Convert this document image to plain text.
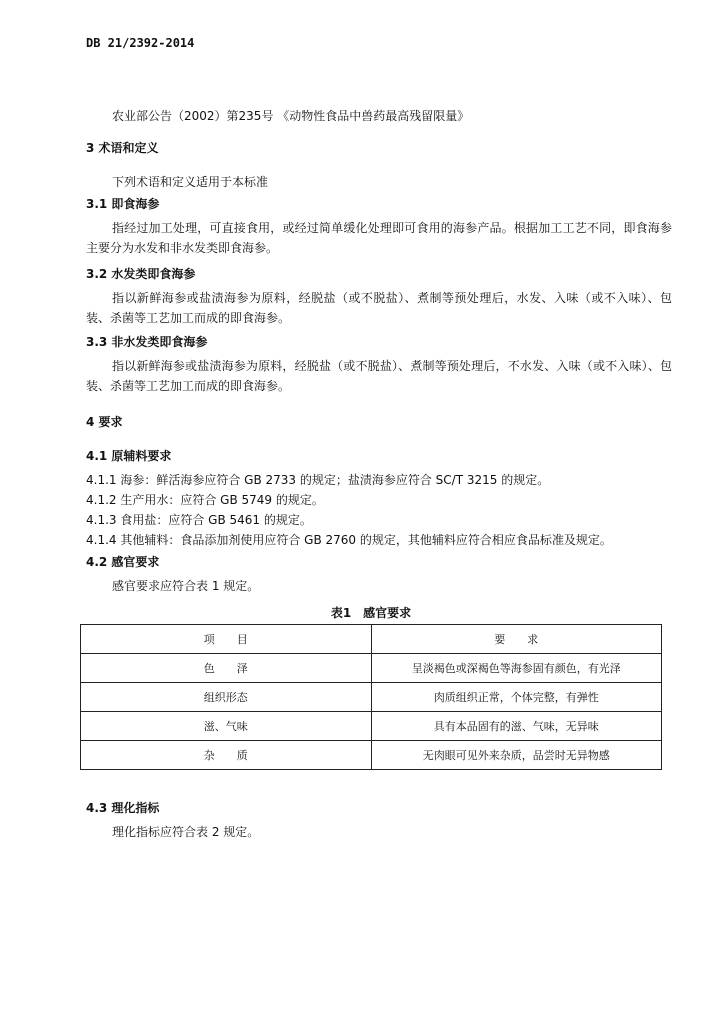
DB 21/2392-2014
农业部公告（2002）第235号 《动物性食品中兽药最高残留限量》
3 术语和定义
下列术语和定义适用于本标准
3.1 即食海参
指经过加工处理，可直接食用，或经过简单缓化处理即可食用的海参产品。根据加工工艺不同，即食海参主要分为水发和非水发类即食海参。
3.2 水发类即食海参
指以新鲜海参或盐渍海参为原料，经脱盐（或不脱盐）、煮制等预处理后，水发、入味（或不入味）、包装、杀菌等工艺加工而成的即食海参。
3.3 非水发类即食海参
指以新鲜海参或盐渍海参为原料，经脱盐（或不脱盐）、煮制等预处理后，不水发、入味（或不入味）、包装、杀菌等工艺加工而成的即食海参。
4 要求
4.1 原辅料要求
4.1.1 海参：鲜活海参应符合 GB 2733 的规定；盐渍海参应符合 SC/T 3215 的规定。
4.1.2 生产用水：应符合 GB 5749 的规定。
4.1.3 食用盐：应符合 GB 5461 的规定。
4.1.4 其他辅料：食品添加剂使用应符合 GB 2760 的规定，其他辅料应符合相应食品标准及规定。
4.2 感官要求
感官要求应符合表 1 规定。
表1　感官要求
项　　目	要　　求
色　　泽	呈淡褐色或深褐色等海参固有颜色，有光泽
组织形态	肉质组织正常，个体完整，有弹性
滋、气味	具有本品固有的滋、气味，无异味
杂　　质	无肉眼可见外来杂质，品尝时无异物感
4.3 理化指标
理化指标应符合表 2 规定。
